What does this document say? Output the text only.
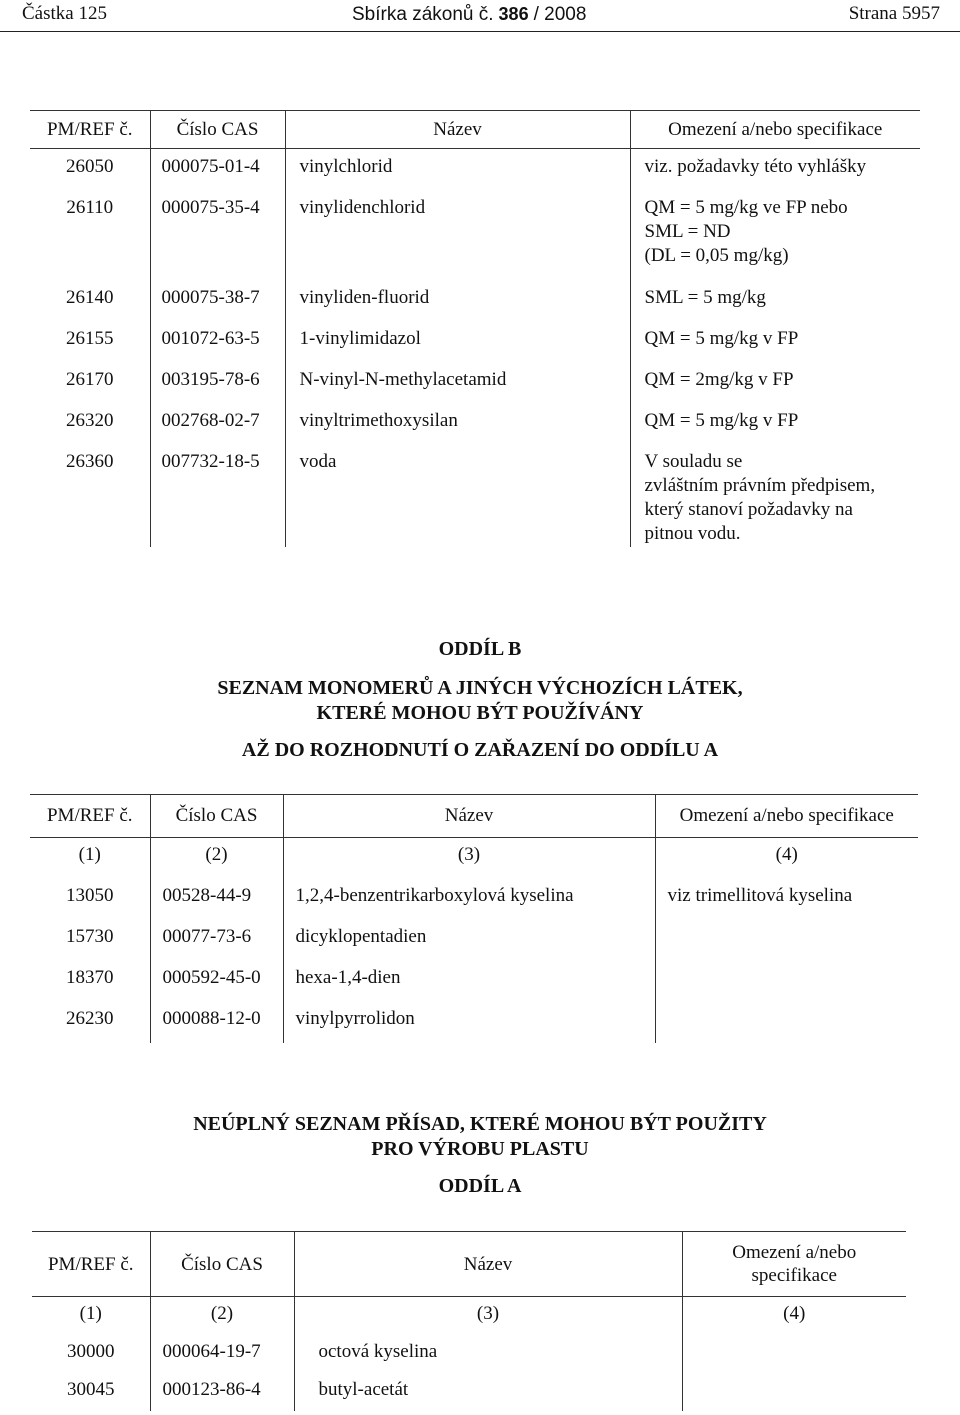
Částka 125	Sbírka zákonů č. 386 / 2008	Strana 5957
PM/REF č.	Číslo CAS	Název	Omezení a/nebo specifikace
26050	000075-01-4	vinylchlorid	viz. požadavky této vyhlášky
26110	000075-35-4	vinylidenchlorid	QM = 5 mg/kg ve FP nebo
SML = ND
(DL = 0,05 mg/kg)
26140	000075-38-7	vinyliden-fluorid	SML = 5 mg/kg
26155	001072-63-5	1-vinylimidazol	QM = 5 mg/kg v FP
26170	003195-78-6	N-vinyl-N-methylacetamid	QM = 2mg/kg v FP
26320	002768-02-7	vinyltrimethoxysilan	QM = 5 mg/kg v FP
26360	007732-18-5	voda	V souladu se
zvláštním právním předpisem,
který stanoví požadavky na
pitnou vodu.
ODDÍL B
SEZNAM MONOMERŮ A JINÝCH VÝCHOZÍCH LÁTEK,
KTERÉ MOHOU BÝT POUŽÍVÁNY
AŽ DO ROZHODNUTÍ O ZAŘAZENÍ DO ODDÍLU A
PM/REF č.	Číslo CAS	Název	Omezení a/nebo specifikace
(1)	(2)	(3)	(4)
13050	00528-44-9	1,2,4-benzentrikarboxylová kyselina	viz trimellitová kyselina
15730	00077-73-6	dicyklopentadien	
18370	000592-45-0	hexa-1,4-dien	
26230	000088-12-0	vinylpyrrolidon	
NEÚPLNÝ SEZNAM PŘÍSAD, KTERÉ MOHOU BÝT POUŽITY
PRO VÝROBU PLASTU
ODDÍL A
PM/REF č.	Číslo CAS	Název	Omezení a/nebo
specifikace
(1)	(2)	(3)	(4)
30000	000064-19-7	octová kyselina	
30045	000123-86-4	butyl-acetát	
